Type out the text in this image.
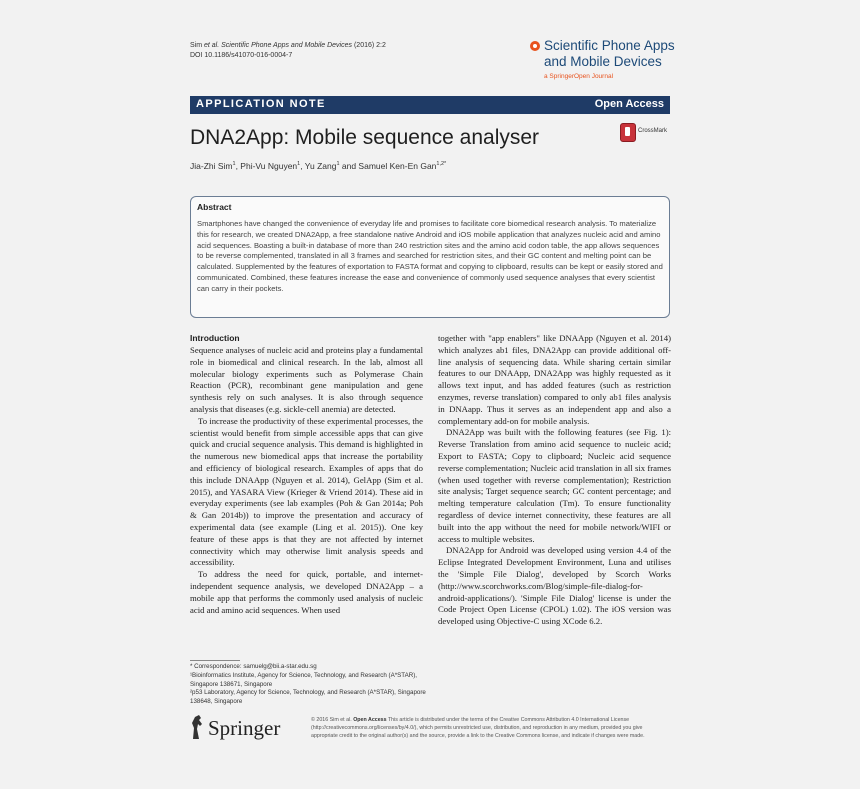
Sim et al. Scientific Phone Apps and Mobile Devices (2016) 2:2
DOI 10.1186/s41070-016-0004-7
Scientific Phone Apps
and Mobile Devices
a SpringerOpen Journal
APPLICATION NOTE	Open Access
DNA2App: Mobile sequence analyser	CrossMark
Jia-Zhi Sim$^1$, Phi-Vu Nguyen$^1$, Yu Zang$^1$ and Samuel Ken-En Gan$^{1,2*}$
Abstract
Smartphones have changed the convenience of everyday life and promises to facilitate core biomedical research analysis. To materialize this for research, we created DNA2App, a free standalone native Android and iOS mobile application that analyzes nucleic acid and amino acid sequences. Boasting a built-in database of more than 240 restriction sites and the amino acid codon table, the app allows sequences to be reverse complemented, translated in all 3 frames and searched for restriction sites, and their GC content and melting point can be calculated. Supplemented by the features of exportation to FASTA format and copying to clipboard, results can be kept or easily stored and communicated. Combined, these features increase the ease and convenience of commonly used sequence analyses that every scientist can carry in their pockets.
Introduction

Sequence analyses of nucleic acid and proteins play a fundamental role in biomedical and clinical research. In the lab, almost all molecular biology experiments such as Polymerase Chain Reaction (PCR), recombinant gene manipulation and gene synthesis rely on such analyses. It is also through sequence analysis that diseases (e.g. sickle-cell anemia) are detected.

To increase the productivity of these experimental processes, the scientist would benefit from simple accessible apps that can give quick and crucial sequence analysis. This demand is highlighted in the numerous new biomedical apps that increase the portability and efficiency of biological research. Examples of apps that do this include DNAApp (Nguyen et al. 2014), GelApp (Sim et al. 2015), and YASARA View (Krieger & Vriend 2014). These aid in everyday experiments (see lab examples (Poh & Gan 2014a; Poh & Gan 2014b)) to improve the presentation and accuracy of experimental data (see example (Ling et al. 2015)). One key feature of these apps is that they are not affected by internet connectivity which may otherwise limit analysis speeds and accessibility.

To address the need for quick, portable, and internet-independent sequence analysis, we developed DNA2App – a mobile app that performs the commonly used analysis of nucleic acid and amino acid sequences. When used

together with "app enablers" like DNAApp (Nguyen et al. 2014) which analyzes ab1 files, DNA2App can provide additional off-line analysis of sequencing data. While sharing certain similar features to our DNAApp, DNA2App was highly requested as it allows text input, and has added features (such as restriction enzymes, reverse translation) compared to only ab1 files analysis in DNAapp. Thus it serves as an independent app and also a complementary add-on for mobile analysis.

DNA2App was built with the following features (see Fig. 1): Reverse Translation from amino acid sequence to nucleic acid; Export to FASTA; Copy to clipboard; Nucleic acid sequence reverse complementation; Nucleic acid translation in all six frames (when used together with reverse complementation); Restriction site analysis; Target sequence search; GC content percentage; and melting temperature calculation (Tm). To ensure functionality regardless of device internet connectivity, these features are all built into the app without the need for mobile network/WIFI or access to multiple websites.

DNA2App for Android was developed using version 4.4 of the Eclipse Integrated Development Environment, Luna and utilises the 'Simple File Dialog', developed by Scorch Works (http://www.scorchworks.com/Blog/simple-file-dialog-for-android-applications/). 'Simple File Dialog' license is under the Code Project Open License (CPOL) 1.02). The iOS version was developed using Objective-C using XCode 6.2.

* Correspondence: samuelg@bii.a-star.edu.sg
¹Bioinformatics Institute, Agency for Science, Technology, and Research (A*STAR), Singapore 138671, Singapore
²p53 Laboratory, Agency for Science, Technology, and Research (A*STAR), Singapore 138648, Singapore
Springer	© 2016 Sim et al. Open Access This article is distributed under the terms of the Creative Commons Attribution 4.0 International License (http://creativecommons.org/licenses/by/4.0/), which permits unrestricted use, distribution, and reproduction in any medium, provided you give appropriate credit to the original author(s) and the source, provide a link to the Creative Commons license, and indicate if changes were made.
